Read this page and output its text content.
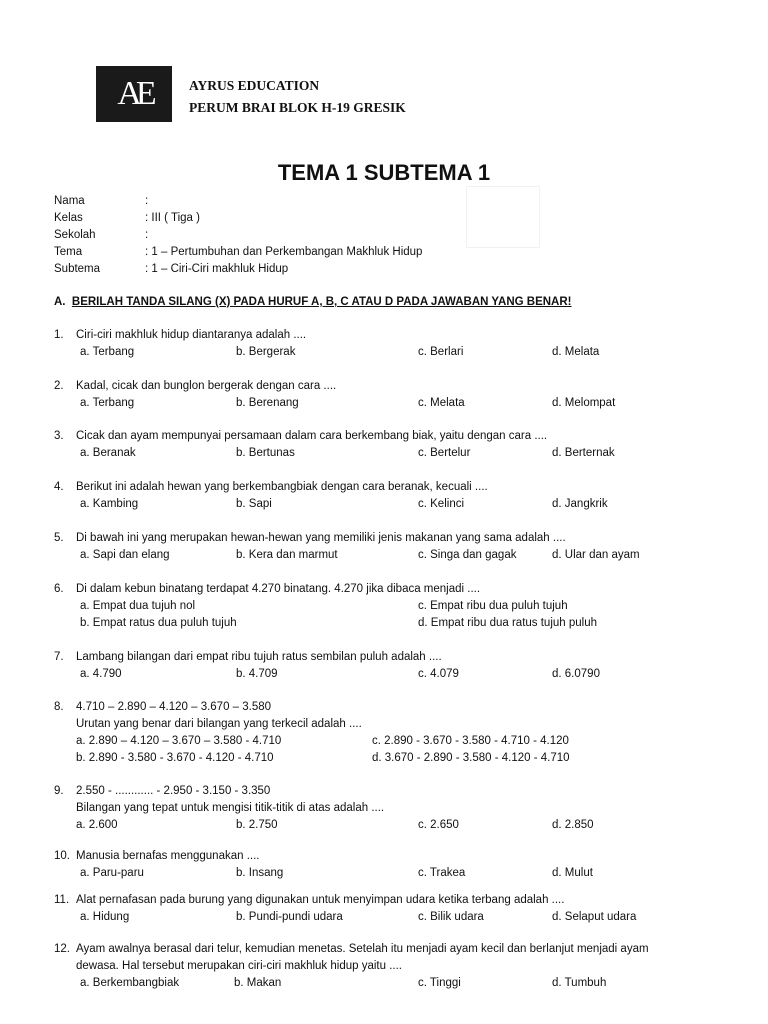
AE	AYRUS EDUCATION
PERUM BRAI BLOK H-19 GRESIK
TEMA 1 SUBTEMA 1
Nama	:
Kelas	: III ( Tiga )
Sekolah	:
Tema	: 1 – Pertumbuhan dan Perkembangan Makhluk Hidup
Subtema	: 1 – Ciri-Ciri makhluk Hidup
A. BERILAH TANDA SILANG (X) PADA HURUF A, B, C ATAU D PADA JAWABAN YANG BENAR!
1. Ciri-ciri makhluk hidup diantaranya adalah ....
a. Terbang	b. Bergerak	c. Berlari	d. Melata
2. Kadal, cicak dan bunglon bergerak dengan cara ....
a. Terbang	b. Berenang	c. Melata	d. Melompat
3. Cicak dan ayam mempunyai persamaan dalam cara berkembang biak, yaitu dengan cara ....
a. Beranak	b. Bertunas	c. Bertelur	d. Berternak
4. Berikut ini adalah hewan yang berkembangbiak dengan cara beranak, kecuali ....
a. Kambing	b. Sapi	c. Kelinci	d. Jangkrik
5. Di bawah ini yang merupakan hewan-hewan yang memiliki jenis makanan yang sama adalah ....
a. Sapi dan elang	b. Kera dan marmut	c. Singa dan gagak	d. Ular dan ayam
6. Di dalam kebun binatang terdapat 4.270 binatang. 4.270 jika dibaca menjadi ....
a. Empat dua tujuh nol	c. Empat ribu dua puluh tujuh
b. Empat ratus dua puluh tujuh	d. Empat ribu dua ratus tujuh puluh
7. Lambang bilangan dari empat ribu tujuh ratus sembilan puluh adalah ....
a. 4.790	b. 4.709	c. 4.079	d. 6.0790
8. 4.710 – 2.890 – 4.120 – 3.670 – 3.580
Urutan yang benar dari bilangan yang terkecil adalah ....
a. 2.890 – 4.120 – 3.670 – 3.580 - 4.710	c. 2.890 - 3.670 - 3.580 - 4.710 - 4.120
b. 2.890 - 3.580 - 3.670 - 4.120 - 4.710	d. 3.670 - 2.890 - 3.580 - 4.120 - 4.710
9. 2.550 - ............ - 2.950 - 3.150 - 3.350
Bilangan yang tepat untuk mengisi titik-titik di atas adalah ....
a. 2.600	b. 2.750	c. 2.650	d. 2.850
10. Manusia bernafas menggunakan ....
a. Paru-paru	b. Insang	c. Trakea	d. Mulut
11. Alat pernafasan pada burung yang digunakan untuk menyimpan udara ketika terbang adalah ....
a. Hidung	b. Pundi-pundi udara	c. Bilik udara	d. Selaput udara
12. Ayam awalnya berasal dari telur, kemudian menetas. Setelah itu menjadi ayam kecil dan berlanjut menjadi ayam
dewasa. Hal tersebut merupakan ciri-ciri makhluk hidup yaitu ....
a. Berkembangbiak	b. Makan	c. Tinggi	d. Tumbuh
